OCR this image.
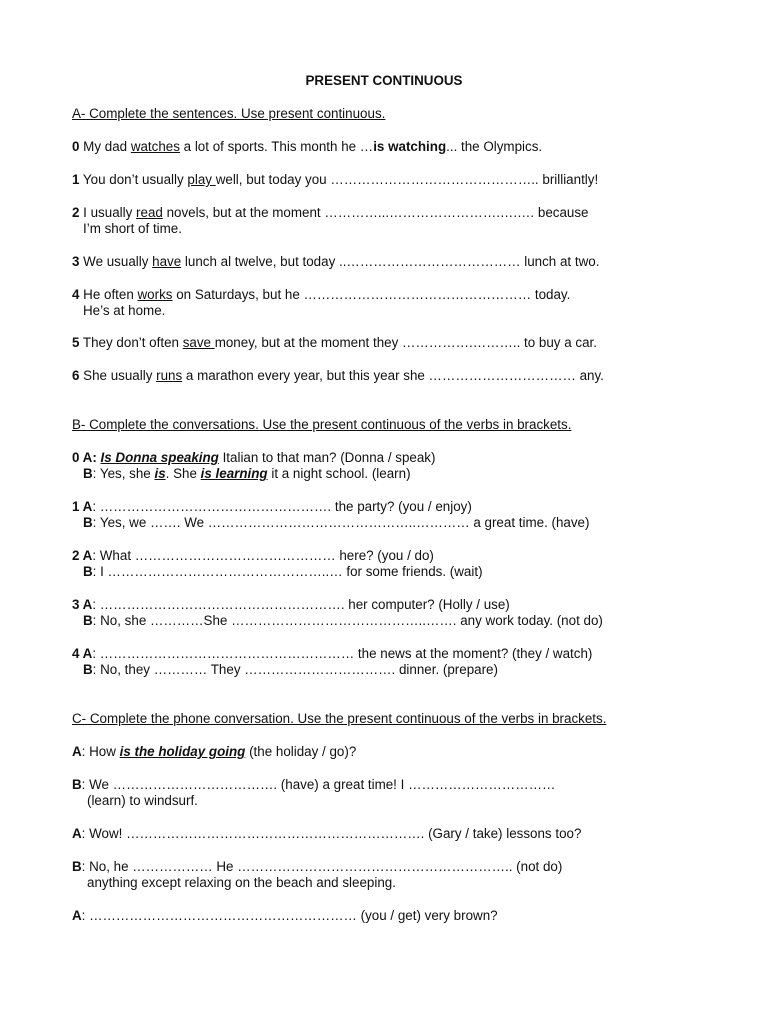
PRESENT CONTINUOUS
A- Complete the sentences. Use present continuous.
0 My dad watches a lot of sports. This month he …is watching... the Olympics.
1 You don’t usually play well, but today you ……………………………………….. brilliantly!
2 I usually read novels, but at the moment …………...…………………….….…. because
I’m short of time.
3 We usually have lunch al twelve, but today ..………………………………… lunch at two.
4 He often works on Saturdays, but he …………………………………………… today.
He’s at home.
5 They don’t often save money, but at the moment they …………….……….. to buy a car.
6 She usually runs a marathon every year, but this year she …………………………… any.
B- Complete the conversations. Use the present continuous of the verbs in brackets.
0 A: Is Donna speaking Italian to that man? (Donna / speak)
B: Yes, she is. She is learning it a night school. (learn)
1 A: ……………………………………………. the party? (you / enjoy)
B: Yes, we ……. We ………………………………………..………… a great time. (have)
2 A: What ……………………………………… here? (you / do)
B: I …………………………………………..… for some friends. (wait)
3 A: ………………………………………………. her computer? (Holly / use)
B: No, she …………She ……………………………………..……. any work today. (not do)
4 A: ………………………………………………… the news at the moment? (they / watch)
B: No, they ………… They ……………………………. dinner. (prepare)
C- Complete the phone conversation. Use the present continuous of the verbs in brackets.
A: How is the holiday going (the holiday / go)?
B: We ………………………………. (have) a great time! I ……………………………
(learn) to windsurf.
A: Wow! …………………………………………………………. (Gary / take) lessons too?
B: No, he ……………… He …………………………………………………….. (not do)
anything except relaxing on the beach and sleeping.
A: …………………………………………………… (you / get) very brown?
